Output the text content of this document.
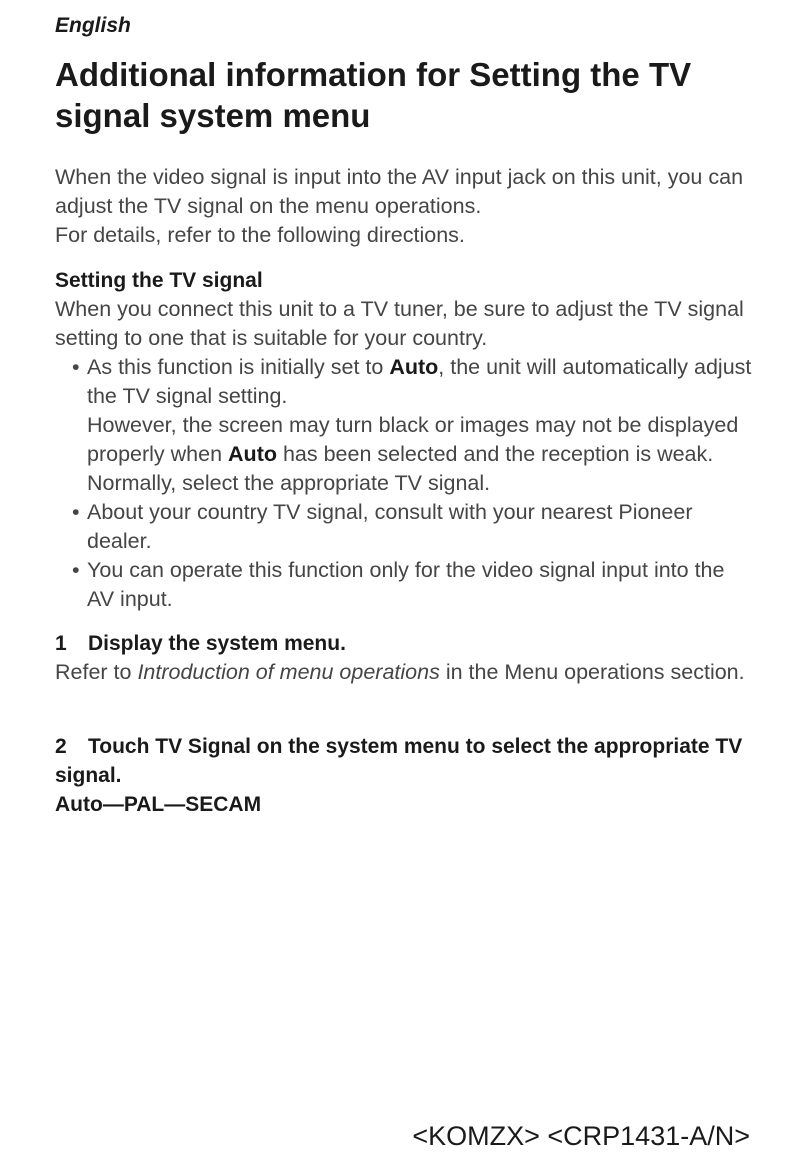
English
Additional information for Setting the TV signal system menu

When the video signal is input into the AV input jack on this unit, you can adjust the TV signal on the menu operations.

For details, refer to the following directions.

Setting the TV signal

When you connect this unit to a TV tuner, be sure to adjust the TV signal setting to one that is suitable for your country.

• As this function is initially set to Auto, the unit will automatically adjust the TV signal setting.
However, the screen may turn black or images may not be displayed properly when Auto has been selected and the reception is weak. Normally, select the appropriate TV signal.
• About your country TV signal, consult with your nearest Pioneer dealer.
• You can operate this function only for the video signal input into the AV input.

1 Display the system menu.

Refer to Introduction of menu operations in the Menu operations section.

2 Touch TV Signal on the system menu to select the appropriate TV signal.

Auto—PAL—SECAM

<KOMZX> <CRP1431-A/N>
